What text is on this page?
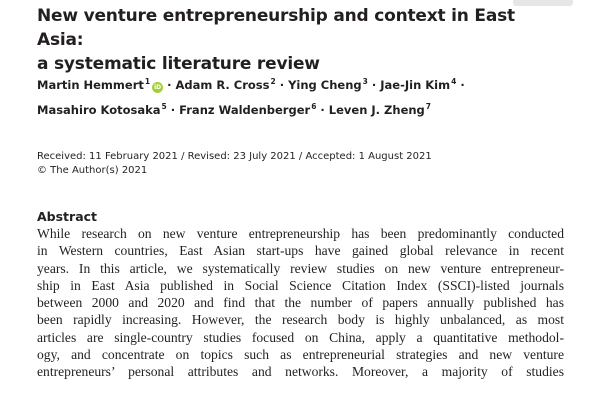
New venture entrepreneurship and context in East Asia:
a systematic literature review
Martin Hemmert$^1$iD · Adam R. Cross$^2$ · Ying Cheng$^3$ · Jae-Jin Kim$^4$ ·
Masahiro Kotosaka$^5$ · Franz Waldenberger$^6$ · Leven J. Zheng$^7$
Received: 11 February 2021 / Revised: 23 July 2021 / Accepted: 1 August 2021
© The Author(s) 2021
Abstract
While research on new venture entrepreneurship has been predominantly conducted
in Western countries, East Asian start-ups have gained global relevance in recent
years. In this article, we systematically review studies on new venture entrepreneur-
ship in East Asia published in Social Science Citation Index (SSCI)-listed journals
between 2000 and 2020 and find that the number of papers annually published has
been rapidly increasing. However, the research body is highly unbalanced, as most
articles are single-country studies focused on China, apply a quantitative methodol-
ogy, and concentrate on topics such as entrepreneurial strategies and new venture
entrepreneurs’ personal attributes and networks. Moreover, a majority of studies
